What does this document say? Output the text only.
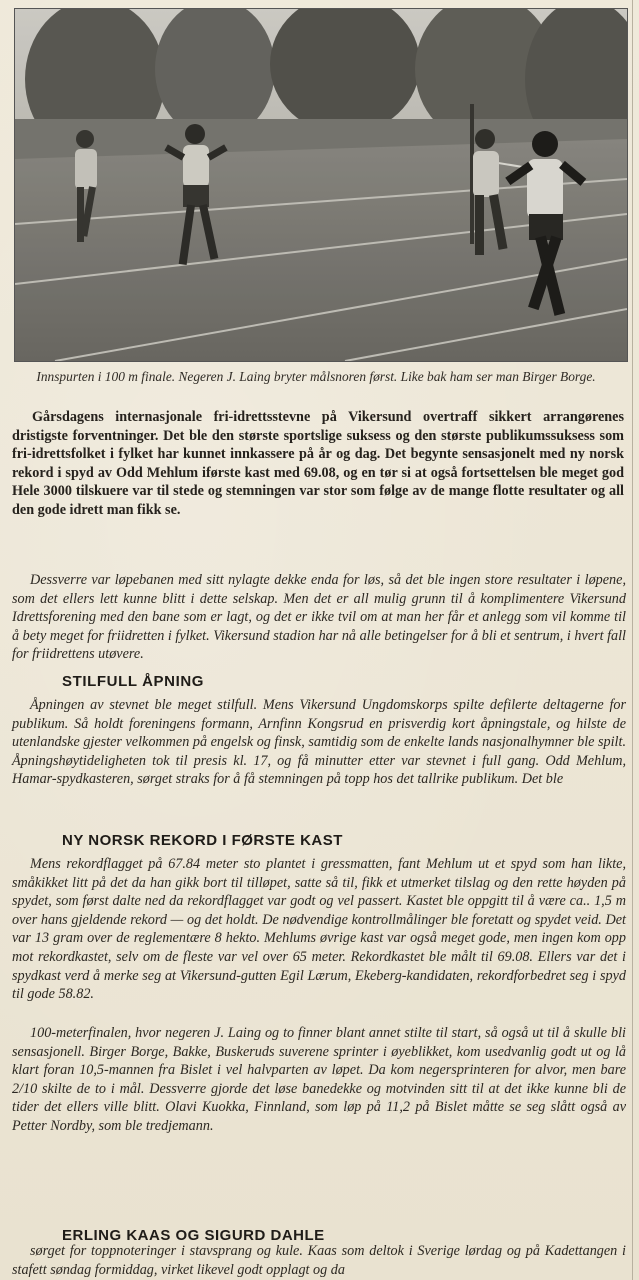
Innspurten i 100 m finale. Negeren J. Laing bryter målsnoren først. Like bak ham ser man Birger Borge.
Gårsdagens internasjonale fri-idrettsstevne på Vikersund overtraff sikkert arrangørenes dristigste forventninger. Det ble den største sportslige suksess og den største publikumssuksess som fri-idrettsfolket i fylket har kunnet innkassere på år og dag. Det begynte sensasjonelt med ny norsk rekord i spyd av Odd Mehlum iførste kast med 69.08, og en tør si at også fortsettelsen ble meget god Hele 3000 tilskuere var til stede og stemningen var stor som følge av de mange flotte resultater og all den gode idrett man fikk se.
Dessverre var løpebanen med sitt nylagte dekke enda for løs, så det ble ingen store resultater i løpene, som det ellers lett kunne blitt i dette selskap. Men det er all mulig grunn til å komplimentere Vikersund Idrettsforening med den bane som er lagt, og det er ikke tvil om at man her får et anlegg som vil komme til å bety meget for friidretten i fylket. Vikersund stadion har nå alle betingelser for å bli et sentrum, i hvert fall for friidrettens utøvere.
STILFULL ÅPNING
Åpningen av stevnet ble meget stilfull. Mens Vikersund Ungdomskorps spilte defilerte deltagerne for publikum. Så holdt foreningens formann, Arnfinn Kongsrud en prisverdig kort åpningstale, og hilste de utenlandske gjester velkommen på engelsk og finsk, samtidig som de enkelte lands nasjonalhymner ble spilt. Åpningshøytideligheten tok til presis kl. 17, og få minutter etter var stevnet i full gang. Odd Mehlum, Hamar-spydkasteren, sørget straks for å få stemningen på topp hos det tallrike publikum. Det ble
NY NORSK REKORD I FØRSTE KAST
Mens rekordflagget på 67.84 meter sto plantet i gressmatten, fant Mehlum ut et spyd som han likte, småkikket litt på det da han gikk bort til tilløpet, satte så til, fikk et utmerket tilslag og den rette høyden på spydet, som først dalte ned da rekordflagget var godt og vel passert. Kastet ble oppgitt til å være ca.. 1,5 m over hans gjeldende rekord — og det holdt. De nødvendige kontrollmålinger ble foretatt og spydet veid. Det var 13 gram over de reglementære 8 hekto. Mehlums øvrige kast var også meget gode, men ingen kom opp mot rekordkastet, selv om de fleste var vel over 65 meter. Rekordkastet ble målt til 69.08. Ellers var det i spydkast verd å merke seg at Vikersund-gutten Egil Lærum, Ekeberg-kandidaten, rekordforbedret seg i spyd til gode 58.82.
100-meterfinalen, hvor negeren J. Laing og to finner blant annet stilte til start, så også ut til å skulle bli sensasjonell. Birger Borge, Bakke, Buskeruds suverene sprinter i øyeblikket, kom usedvanlig godt ut og lå klart foran 10,5-mannen fra Bislet i vel halvparten av løpet. Da kom negersprinteren for alvor, men bare 2/10 skilte de to i mål. Dessverre gjorde det løse banedekke og motvinden sitt til at det ikke kunne bli de tider det ellers ville blitt. Olavi Kuokka, Finnland, som løp på 11,2 på Bislet måtte se seg slått også av Petter Nordby, som ble tredjemann.
ERLING KAAS OG SIGURD DAHLE
sørget for toppnoteringer i stavsprang og kule. Kaas som deltok i Sverige lørdag og på Kadettangen i stafett søndag formiddag, virket likevel godt opplagt og da
